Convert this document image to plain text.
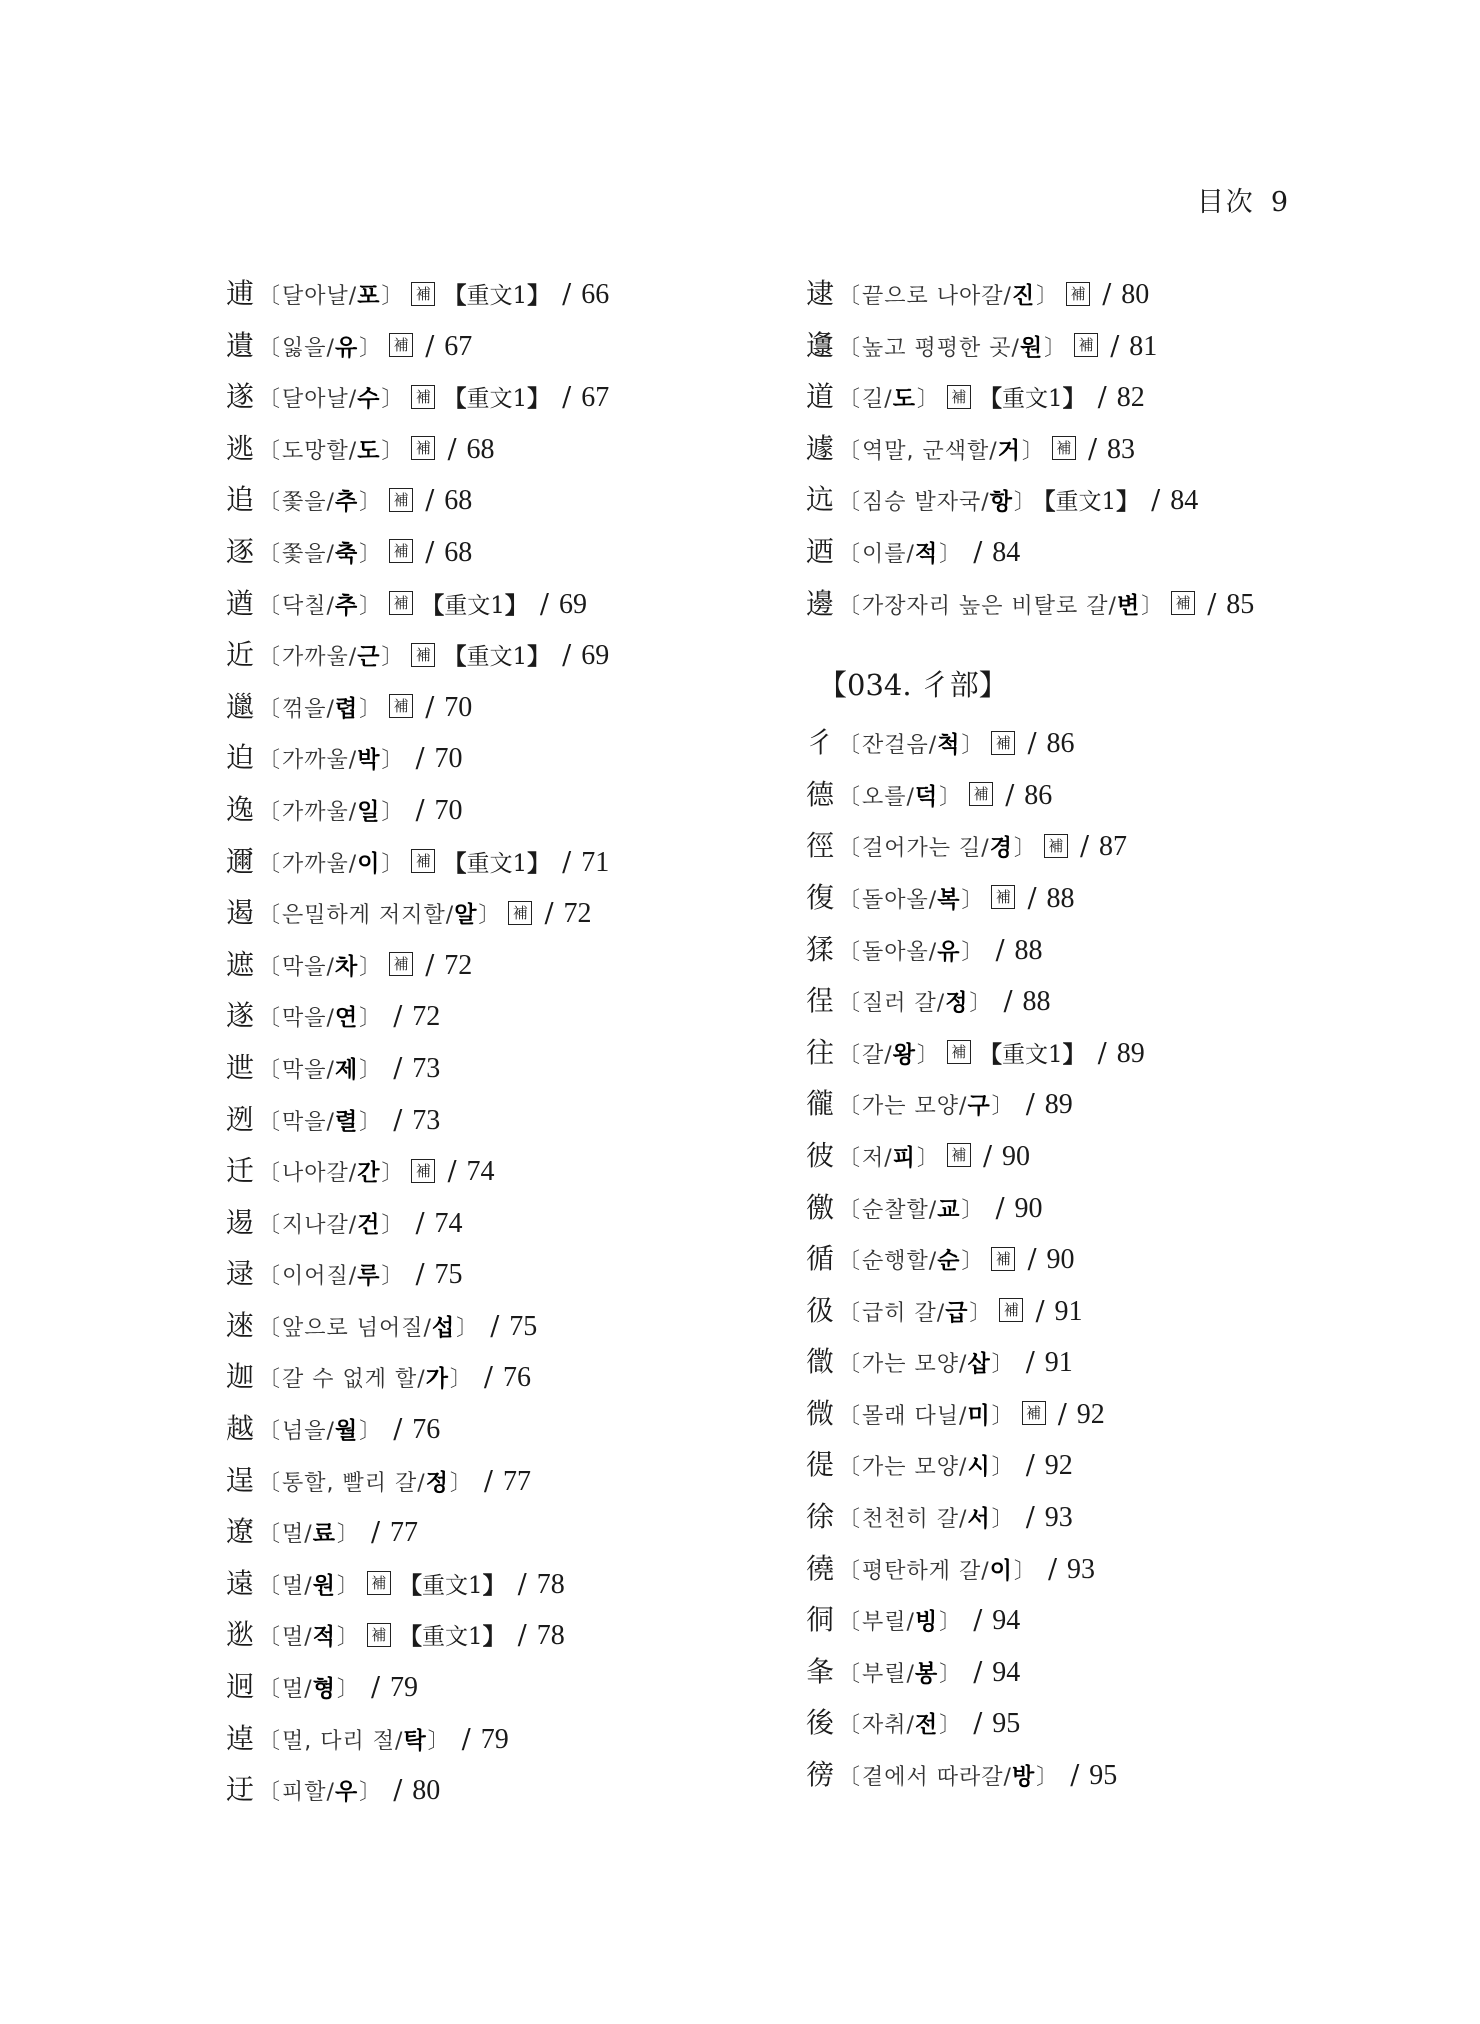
目次 9
逋 〔달아날/포〕 補 【重文1】 / 66
遺 〔잃을/유〕 補 / 67
遂 〔달아날/수〕 補 【重文1】 / 67
逃 〔도망할/도〕 補 / 68
追 〔쫓을/추〕 補 / 68
逐 〔쫓을/축〕 補 / 68
遒 〔닥칠/추〕 補 【重文1】 / 69
近 〔가까울/근〕 補 【重文1】 / 69
邋 〔꺾을/렵〕 補 / 70
迫 〔가까울/박〕 / 70
逸 〔가까울/일〕 / 70
邇 〔가까울/이〕 補 【重文1】 / 71
遏 〔은밀하게 저지할/알〕 補 / 72
遮 〔막을/차〕 補 / 72
遂 〔막을/연〕 / 72
迣 〔막을/제〕 / 73
迾 〔막을/렬〕 / 73
迁 〔나아갈/간〕 補 / 74
逷 〔지나갈/건〕 / 74
逯 〔이어질/루〕 / 75
逨 〔앞으로 넘어질/섭〕 / 75
迦 〔갈 수 없게 할/가〕 / 76
越 〔넘을/월〕 / 76
逞 〔통할, 빨리 갈/정〕 / 77
遼 〔멀/료〕 / 77
遠 〔멀/원〕 補 【重文1】 / 78
逖 〔멀/적〕 補 【重文1】 / 78
迥 〔멀/형〕 / 79
逴 〔멀, 다리 절/탁〕 / 79
迂 〔피할/우〕 / 80
逮 〔끝으로 나아갈/진〕 補 / 80
邍 〔높고 평평한 곳/원〕 補 / 81
道 〔길/도〕 補 【重文1】 / 82
遽 〔역말, 군색할/거〕 補 / 83
迒 〔짐승 발자국/항〕 【重文1】 / 84
迺 〔이를/적〕 / 84
邊 〔가장자리 높은 비탈로 갈/변〕 補 / 85
【034. 彳部】
彳 〔잔걸음/척〕 補 / 86
德 〔오를/덕〕 補 / 86
徑 〔걸어가는 길/경〕 補 / 87
復 〔돌아올/복〕 補 / 88
猱 〔돌아올/유〕 / 88
徎 〔질러 갈/정〕 / 88
往 〔갈/왕〕 補 【重文1】 / 89
徿 〔가는 모양/구〕 / 89
彼 〔저/피〕 補 / 90
徼 〔순찰할/교〕 / 90
循 〔순행할/순〕 補 / 90
彶 〔급히 갈/급〕 補 / 91
徾 〔가는 모양/삽〕 / 91
微 〔몰래 다닐/미〕 補 / 92
徥 〔가는 모양/시〕 / 92
徐 〔천천히 갈/서〕 / 93
徺 〔평탄하게 갈/이〕 / 93
㣚 〔부릴/빙〕 / 94
夆 〔부릴/봉〕 / 94
後 〔자취/전〕 / 95
徬 〔곁에서 따라갈/방〕 / 95
